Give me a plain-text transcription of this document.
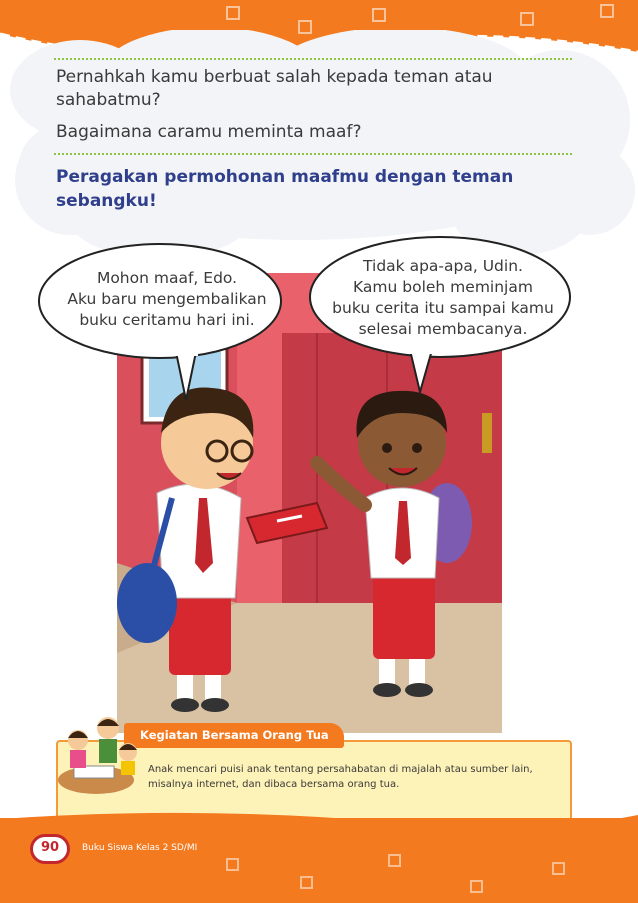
Pernahkah kamu berbuat salah kepada teman atau sahabatmu?
Bagaimana caramu meminta maaf?
Peragakan permohonan maafmu dengan teman sebangku!
Mohon maaf, Edo.
Aku baru mengembalikan
buku ceritamu hari ini.
Tidak apa-apa, Udin.
Kamu boleh meminjam
buku cerita itu sampai kamu
selesai membacanya.
Kegiatan Bersama Orang Tua
Anak mencari puisi anak tentang persahabatan di majalah atau sumber lain, misalnya internet, dan dibaca bersama orang tua.
90	Buku Siswa Kelas 2 SD/MI
